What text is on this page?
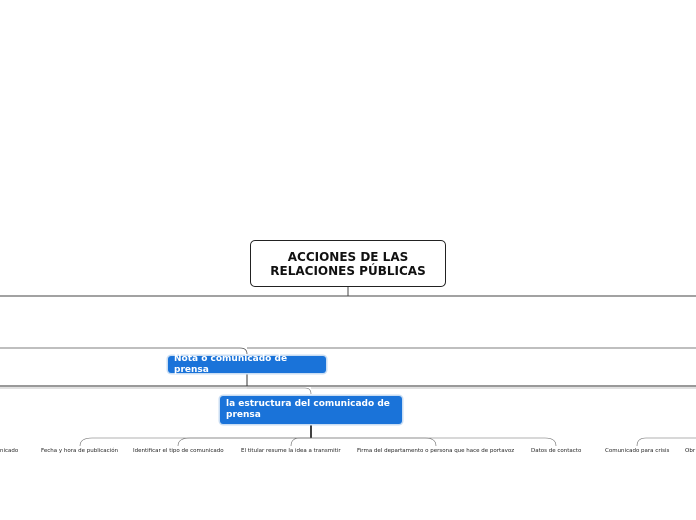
ACCIONES DE LAS RELACIONES PÚBLICAS
Nota o comunicado de prensa
la estructura del comunicado de prensa
nicado	Fecha y hora de publicación	Identificar el tipo de comunicado	El titular resume la idea a transmitir	Firma del departamento o persona que hace de portavoz	Datos de contacto	Comunicado para crisis	Obr
